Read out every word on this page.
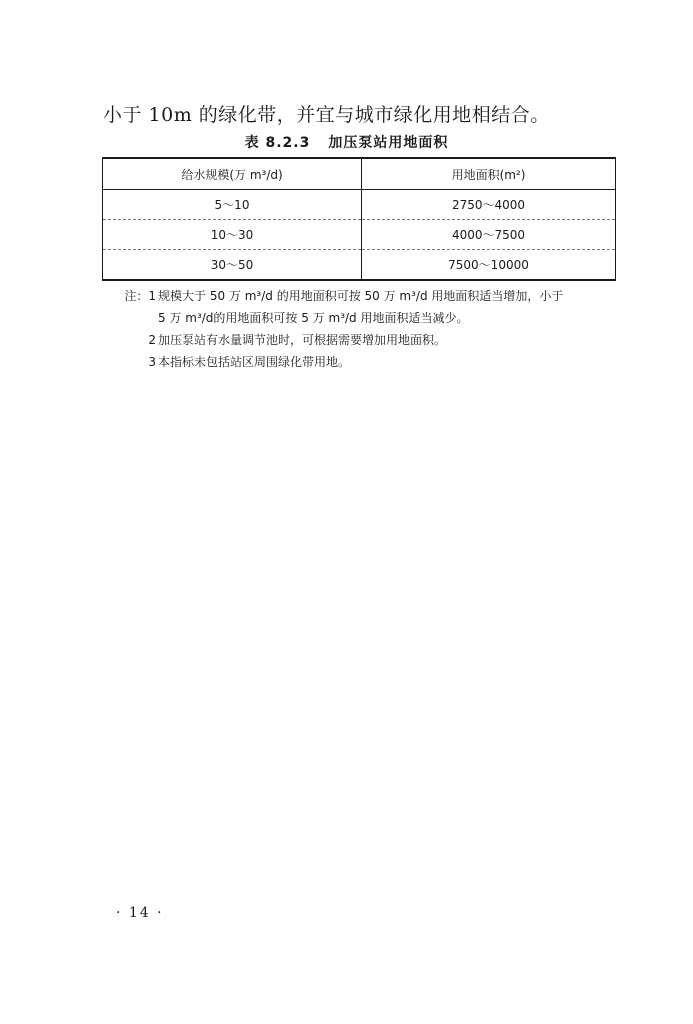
小于 10m 的绿化带，并宜与城市绿化用地相结合。
表 8.2.3 加压泵站用地面积
给水规模(万 m³/d)	用地面积(m²)
5～10	2750～4000
10～30	4000～7500
30～50	7500～10000
注：1 规模大于 50 万 m³/d 的用地面积可按 50 万 m³/d 用地面积适当增加，小于
5 万 m³/d的用地面积可按 5 万 m³/d 用地面积适当减少。
2 加压泵站有水量调节池时，可根据需要增加用地面积。
3 本指标未包括站区周围绿化带用地。
· 14 ·
